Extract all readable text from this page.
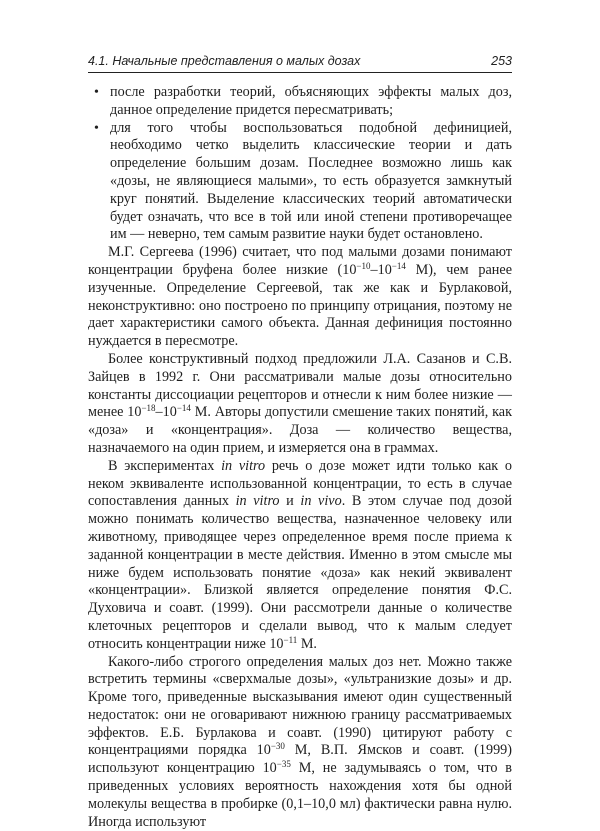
4.1. Начальные представления о малых дозах	253
• после разработки теорий, объясняющих эффекты малых доз, данное определение придется пересматривать;
• для того чтобы воспользоваться подобной дефиницией, необходимо четко выделить классические теории и дать определение большим дозам. Последнее возможно лишь как «дозы, не являющиеся малыми», то есть образуется замкнутый круг понятий. Выделение классических теорий автоматически будет означать, что все в той или иной степени противоречащее им — неверно, тем самым развитие науки будет остановлено.

М.Г. Сергеева (1996) считает, что под малыми дозами понимают концентрации бруфена более низкие ($10^{-10}-10^{-14}$ М), чем ранее изученные. Определение Сергеевой, так же как и Бурлаковой, неконструктивно: оно построено по принципу отрицания, поэтому не дает характеристики самого объекта. Данная дефиниция постоянно нуждается в пересмотре.

Более конструктивный подход предложили Л.А. Сазанов и С.В. Зайцев в 1992 г. Они рассматривали малые дозы относительно константы диссоциации рецепторов и отнесли к ним более низкие — менее $10^{-18}-10^{-14}$ М. Авторы допустили смешение таких понятий, как «доза» и «концентрация». Доза — количество вещества, назначаемого на один прием, и измеряется она в граммах.

В экспериментах in vitro речь о дозе может идти только как о неком эквиваленте использованной концентрации, то есть в случае сопоставления данных in vitro и in vivo. В этом случае под дозой можно понимать количество вещества, назначенное человеку или животному, приводящее через определенное время после приема к заданной концентрации в месте действия. Именно в этом смысле мы ниже будем использовать понятие «доза» как некий эквивалент «концентрации». Близкой является определение понятия Ф.С. Духовича и соавт. (1999). Они рассмотрели данные о количестве клеточных рецепторов и сделали вывод, что к малым следует относить концентрации ниже $10^{-11}$ М.

Какого-либо строгого определения малых доз нет. Можно также встретить термины «сверхмалые дозы», «ультранизкие дозы» и др. Кроме того, приведенные высказывания имеют один существенный недостаток: они не оговаривают нижнюю границу рассматриваемых эффектов. Е.Б. Бурлакова и соавт. (1990) цитируют работу с концентрациями порядка $10^{-30}$ М, В.П. Ямсков и соавт. (1999) используют концентрацию $10^{-35}$ М, не задумываясь о том, что в приведенных условиях вероятность нахождения хотя бы одной молекулы вещества в пробирке (0,1–10,0 мл) фактически равна нулю. Иногда используют
